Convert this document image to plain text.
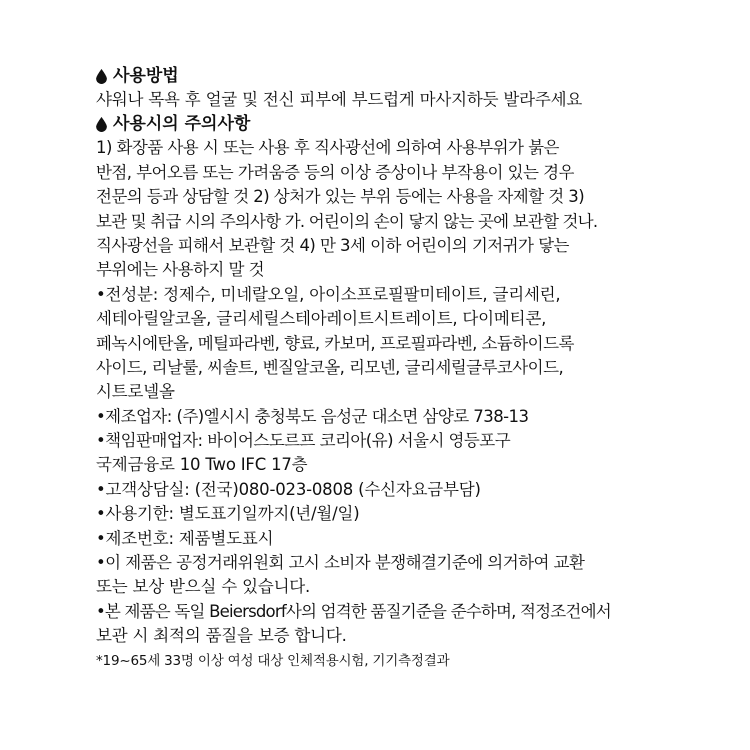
사용방법
샤워나 목욕 후 얼굴 및 전신 피부에 부드럽게 마사지하듯 발라주세요
사용시의 주의사항
1) 화장품 사용 시 또는 사용 후 직사광선에 의하여 사용부위가 붉은
반점, 부어오름 또는 가려움증 등의 이상 증상이나 부작용이 있는 경우
전문의 등과 상담할 것 2) 상처가 있는 부위 등에는 사용을 자제할 것 3)
보관 및 취급 시의 주의사항 가. 어린이의 손이 닿지 않는 곳에 보관할 것나.
직사광선을 피해서 보관할 것 4) 만 3세 이하 어린이의 기저귀가 닿는
부위에는 사용하지 말 것
•전성분: 정제수, 미네랄오일, 아이소프로필팔미테이트, 글리세린,
세테아릴알코올, 글리세릴스테아레이트시트레이트, 다이메티콘,
페녹시에탄올, 메틸파라벤, 향료, 카보머, 프로필파라벤, 소듐하이드록
사이드, 리날룰, 씨솔트, 벤질알코올, 리모넨, 글리세릴글루코사이드,
시트로넬올
•제조업자: (주)엘시시 충청북도 음성군 대소면 삼양로 738-13
•책임판매업자: 바이어스도르프 코리아(유) 서울시 영등포구
국제금융로 10 Two IFC 17층
•고객상담실: (전국)080-023-0808 (수신자요금부담)
•사용기한: 별도표기일까지(년/월/일)
•제조번호: 제품별도표시
•이 제품은 공정거래위원회 고시 소비자 분쟁해결기준에 의거하여 교환
또는 보상 받으실 수 있습니다.
•본 제품은 독일 Beiersdorf사의 엄격한 품질기준을 준수하며, 적정조건에서
보관 시 최적의 품질을 보증 합니다.
*19~65세 33명 이상 여성 대상 인체적용시험, 기기측정결과
